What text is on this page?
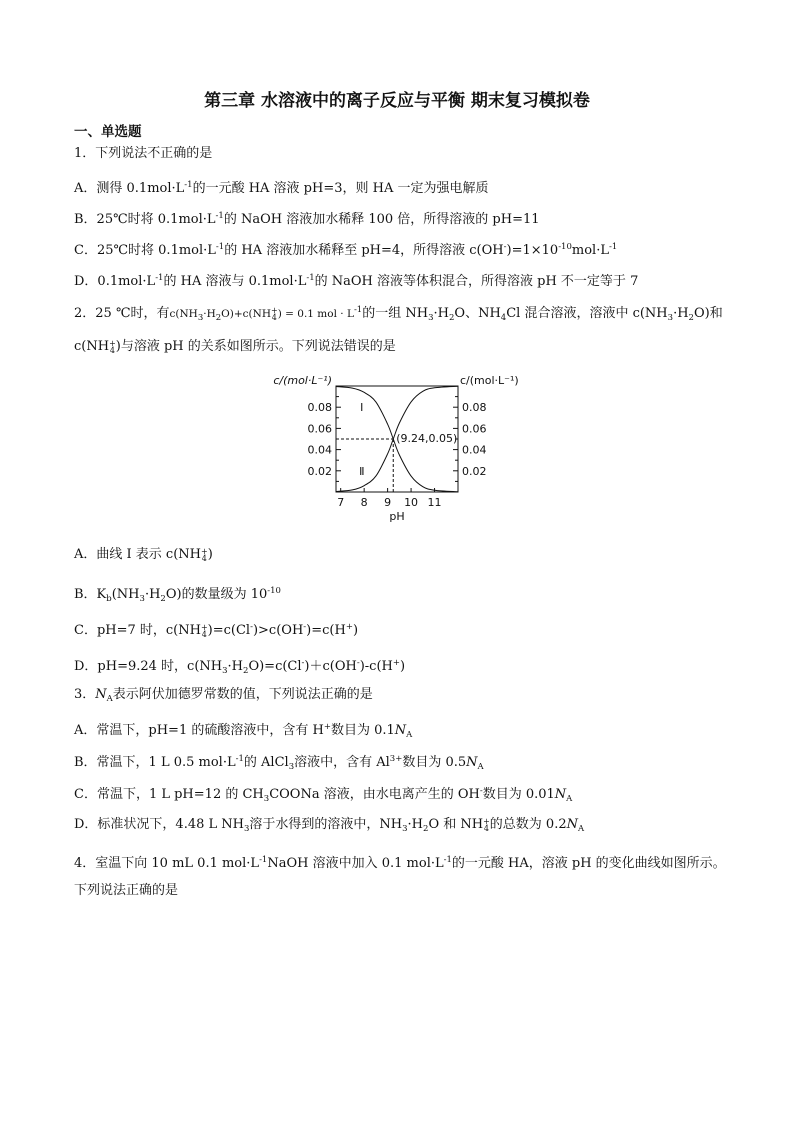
第三章 水溶液中的离子反应与平衡 期末复习模拟卷
一、单选题
1．下列说法不正确的是
A．测得 $0.1mol\cdot L^{-1}$的一元酸 HA 溶液 pH=3，则 HA 一定为强电解质
B．25℃时将 $0.1mol\cdot L^{-1}$的 NaOH 溶液加水稀释 100 倍，所得溶液的 pH=11
C．25℃时将 $0.1mol\cdot L^{-1}$的 HA 溶液加水稀释至 pH=4，所得溶液 $c(OH^-)=1\times 10^{-10}mol\cdot L^{-1}$
D．$0.1mol\cdot L^{-1}$的 HA 溶液与 $0.1mol\cdot L^{-1}$的 NaOH 溶液等体积混合，所得溶液 pH 不一定等于 7
2．25 ℃时，有$c(NH_3\cdot H_2O)+c(NH$ +
4 ) = 0.1 mol · $L^{-1}$的一组 $NH_3\cdot H_2O$、$NH_4Cl$ 混合溶液，溶液中 $c(NH_3\cdot H_2O)$和
c(NH +
4 )与溶液 pH 的关系如图所示。下列说法错误的是
0.08	0.08
0.06	0.06
0.04	0.04
0.02	0.02
7 8 9 10 11
(9.24,0.05)
Ⅰ
Ⅱ
c/(mol·L⁻¹)	c/(mol·L⁻¹)
pH
A．曲线 I 表示 c(NH +
4 )
B．$K_b(NH_3\cdot H_2O)$的数量级为 $10^{-10}$
C．pH=7 时，c(NH +
4 )=c(Cl-)>c(OH-)=c(H+)
D．pH=9.24 时，$c(NH_3\cdot H_2O)=c(Cl^-)+c(OH^-)-c(H^+)$
3．$N_A$表示阿伏加德罗常数的值，下列说法正确的是
A．常温下，pH=1 的硫酸溶液中，含有 H+数目为 $0.1N_A$
B．常温下，1 L 0.5 $mol\cdot L^{-1}$的 AlCl$_3$溶液中，含有 $Al^{3+}$数目为 $0.5N_A$
C．常温下，1 L pH=12 的 $CH_3COONa$ 溶液，由水电离产生的 OH-数目为 $0.01N_A$
D．标准状况下，4.48 L $NH_3$溶于水得到的溶液中，$NH_3\cdot H_2O$ 和 NH +
4 的总数为 $0.2N_A$
4．室温下向 10 mL 0.1 $mol\cdot L^{-1}NaOH$ 溶液中加入 0.1 $mol\cdot L^{-1}$的一元酸 HA，溶液 pH 的变化曲线如图所示。
下列说法正确的是
